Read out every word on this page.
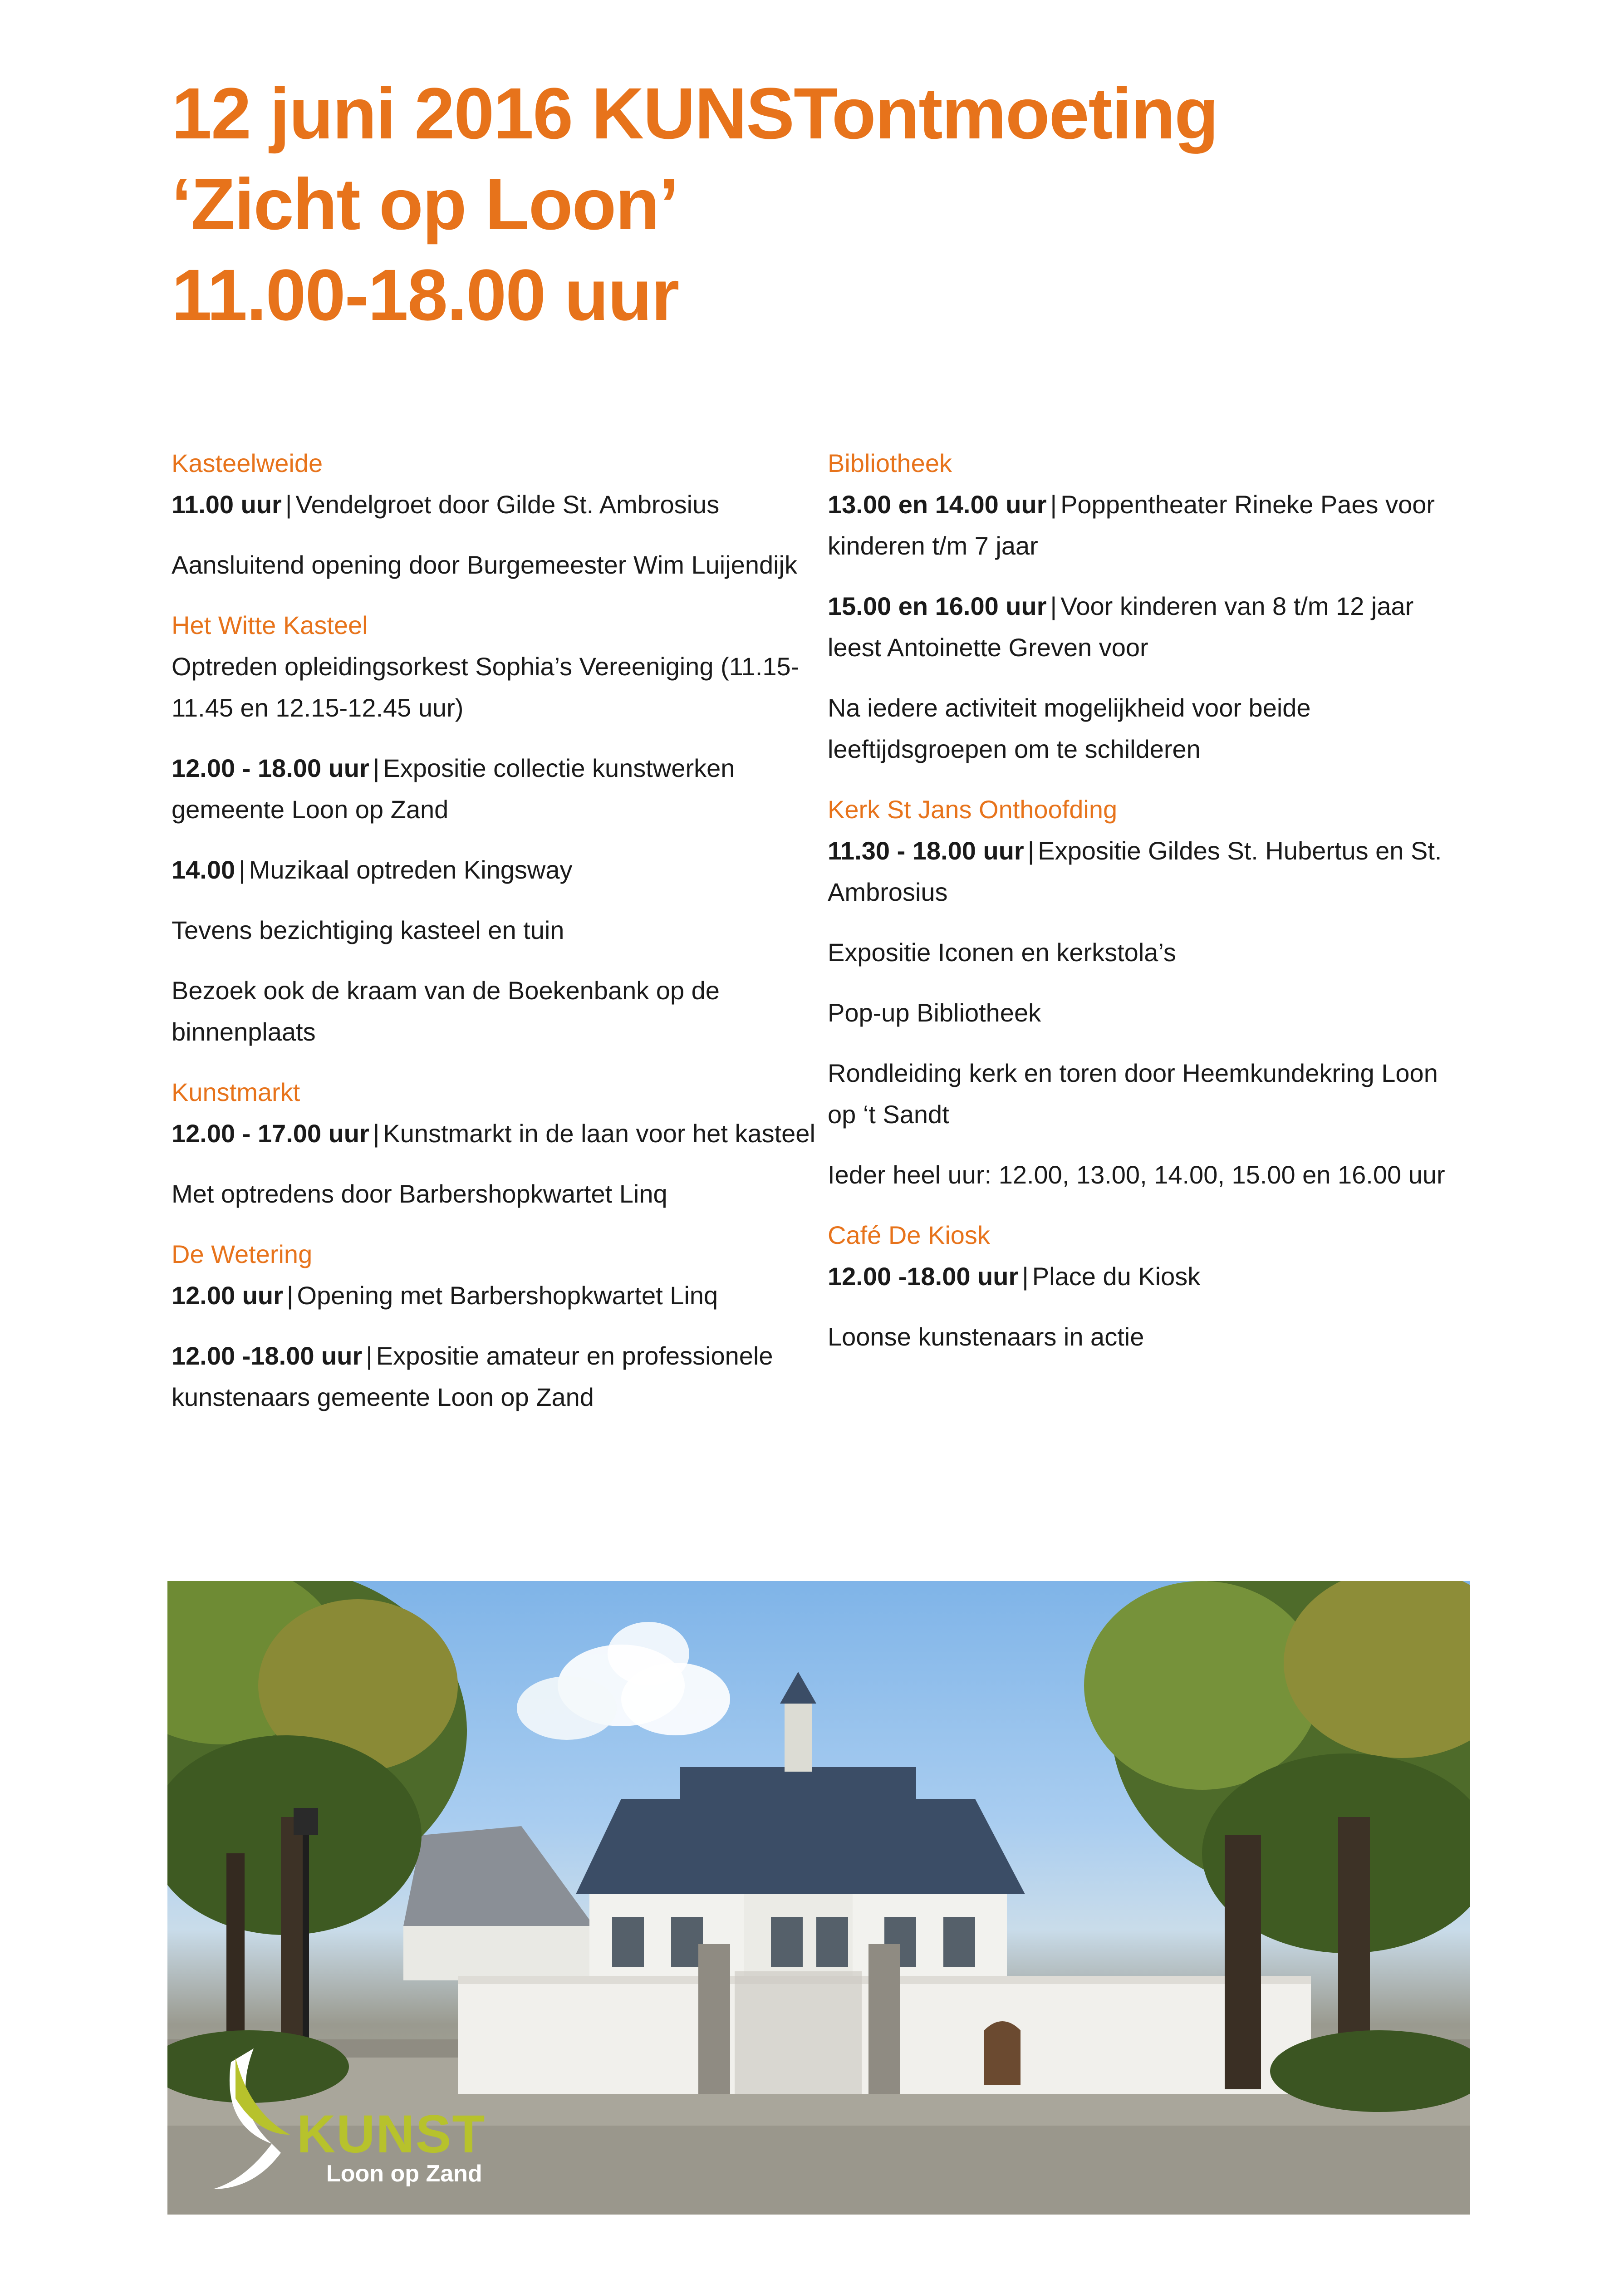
12 juni 2016 KUNSTontmoeting
‘Zicht op Loon’
11.00-18.00 uur
Kasteelweide

11.00 uur | Vendelgroet door Gilde St. Ambrosius

Aansluitend opening door Burgemeester Wim Luijendijk

Het Witte Kasteel

Optreden opleidingsorkest Sophia’s Vereeniging (11.15-11.45 en 12.15-12.45 uur)

12.00 - 18.00 uur | Expositie collectie kunstwerken gemeente Loon op Zand

14.00 | Muzikaal optreden Kingsway

Tevens bezichtiging kasteel en tuin

Bezoek ook de kraam van de Boekenbank op de binnenplaats

Kunstmarkt

12.00 - 17.00 uur | Kunstmarkt in de laan voor het kasteel

Met optredens door Barbershopkwartet Linq

De Wetering

12.00 uur | Opening met Barbershopkwartet Linq

12.00 -18.00 uur | Expositie amateur en professionele kunstenaars gemeente Loon op Zand

Bibliotheek

13.00 en 14.00 uur | Poppentheater Rineke Paes voor kinderen t/m 7 jaar

15.00 en 16.00 uur | Voor kinderen van 8 t/m 12 jaar leest Antoinette Greven voor

Na iedere activiteit mogelijkheid voor beide leeftijdsgroepen om te schilderen

Kerk St Jans Onthoofding

11.30 - 18.00 uur | Expositie Gildes St. Hubertus en St. Ambrosius

Expositie Iconen en kerkstola’s

Pop-up Bibliotheek

Rondleiding kerk en toren door Heemkundekring Loon op ‘t Sandt

Ieder heel uur: 12.00, 13.00, 14.00, 15.00 en 16.00 uur

Café De Kiosk

12.00 -18.00 uur | Place du Kiosk

Loonse kunstenaars in actie

KUNST
Loon op Zand
